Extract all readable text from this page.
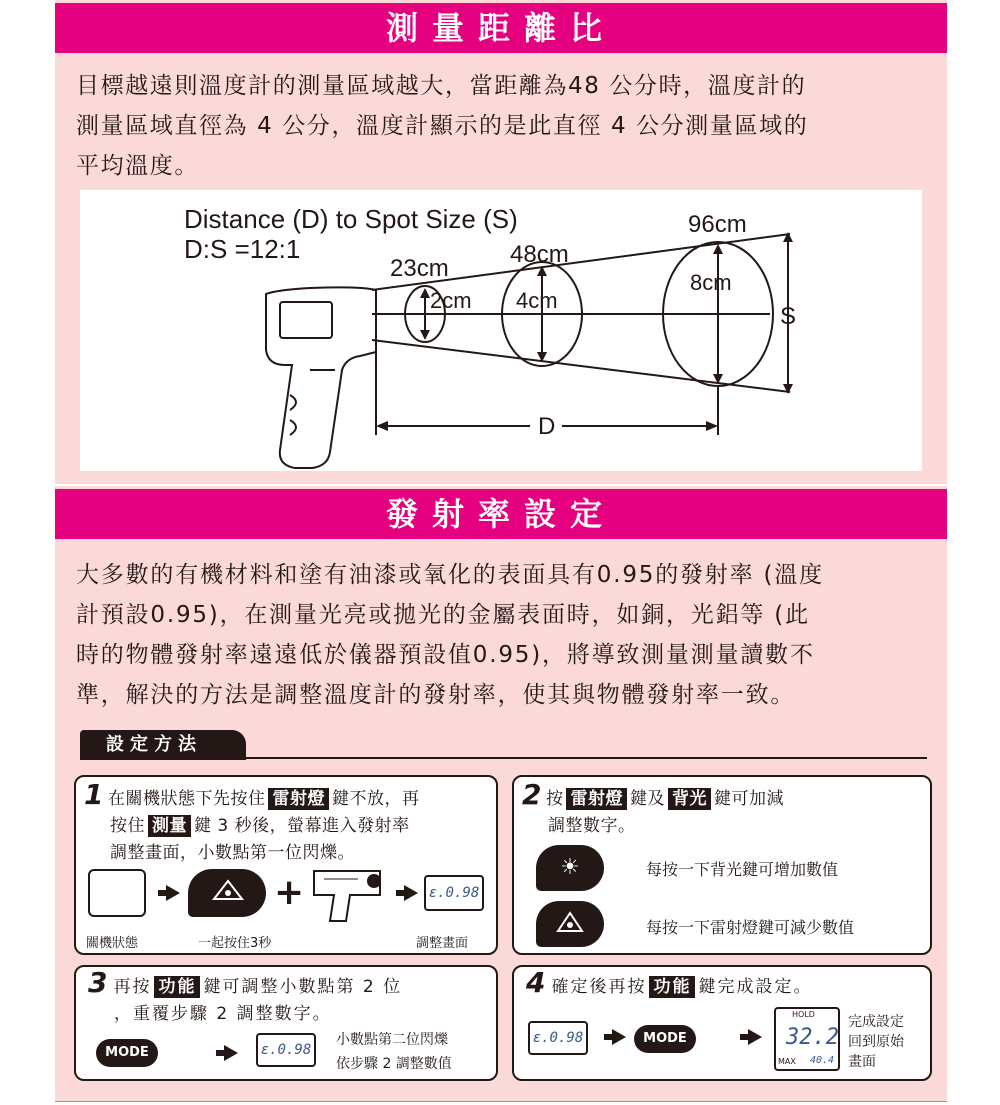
測量距離比
目標越遠則溫度計的測量區域越大，當距離為48 公分時，溫度計的
測量區域直徑為 4 公分，溫度計顯示的是此直徑 4 公分測量區域的
平均溫度。
Distance (D) to Spot Size (S)
D:S =12:1
23cm
48cm
96cm
2cm 4cm
8cm
S
D
發射率設定
大多數的有機材料和塗有油漆或氧化的表面具有0.95的發射率 (溫度
計預設0.95)，在測量光亮或拋光的金屬表面時，如銅，光鋁等 (此
時的物體發射率遠遠低於儀器預設值0.95)，將導致測量測量讀數不
準，解決的方法是調整溫度計的發射率，使其與物體發射率一致。
設定方法
1 在關機狀態下先按住 雷射燈 鍵不放，再
按住 測量 鍵 3 秒後，螢幕進入發射率
調整畫面，小數點第一位閃爍。
+	ε.0.98
關機狀態	一起按住3秒	調整畫面
2 按 雷射燈 鍵及 背光 鍵可加減
調整數字。
☀	每按一下背光鍵可增加數值
每按一下雷射燈鍵可減少數值
3 再按 功能 鍵可調整小數點第 2 位
，重覆步驟 2 調整數字。
MODE	ε.0.98
小數點第二位閃爍
依步驟 2 調整數值
4 確定後再按 功能 鍵完成設定。
ε.0.98	MODE
HOLD
32.2
MAX 40.4
完成設定
回到原始
畫面
